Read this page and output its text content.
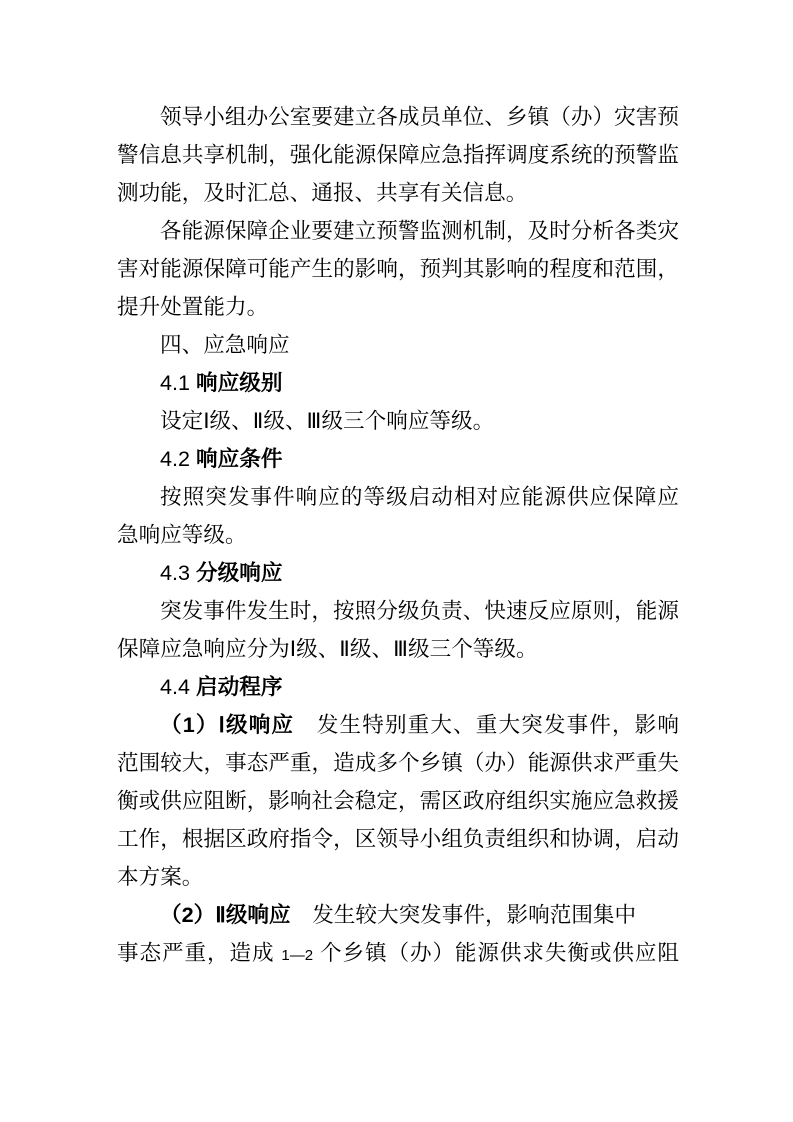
领导小组办公室要建立各成员单位、乡镇（办）灾害预
警信息共享机制，强化能源保障应急指挥调度系统的预警监
测功能，及时汇总、通报、共享有关信息。
各能源保障企业要建立预警监测机制，及时分析各类灾
害对能源保障可能产生的影响，预判其影响的程度和范围，
提升处置能力。
四、应急响应
4.1 响应级别
设定Ⅰ级、Ⅱ级、Ⅲ级三个响应等级。
4.2 响应条件
按照突发事件响应的等级启动相对应能源供应保障应
急响应等级。
4.3 分级响应
突发事件发生时，按照分级负责、快速反应原则，能源
保障应急响应分为Ⅰ级、Ⅱ级、Ⅲ级三个等级。
4.4 启动程序
（1）Ⅰ级响应　发生特别重大、重大突发事件，影响
范围较大，事态严重，造成多个乡镇（办）能源供求严重失
衡或供应阻断，影响社会稳定，需区政府组织实施应急救援
工作，根据区政府指令，区领导小组负责组织和协调，启动
本方案。
（2）Ⅱ级响应　发生较大突发事件，影响范围集中
事态严重，造成 1—2 个乡镇（办）能源供求失衡或供应阻
